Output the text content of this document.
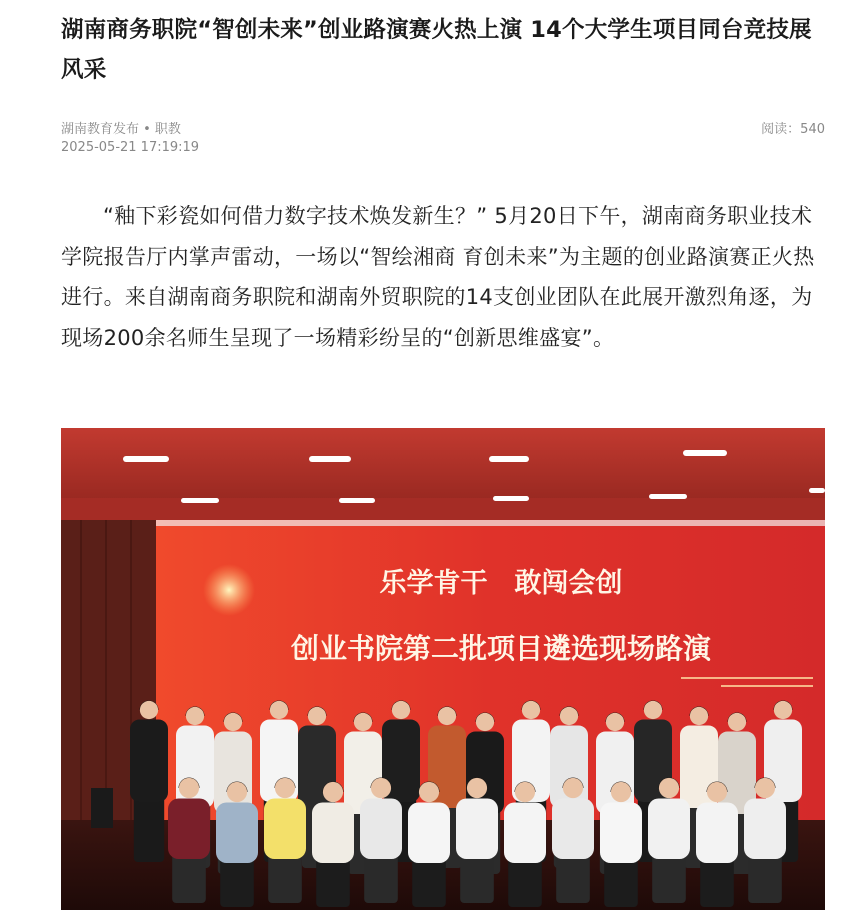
湖南商务职院“智创未来”创业路演赛火热上演 14个大学生项目同台竞技展风采
湖南教育发布 • 职教
2025-05-21 17:19:19
阅读：540

“釉下彩瓷如何借力数字技术焕发新生？” 5月20日下午，湖南商务职业技术学院报告厅内掌声雷动，一场以“智绘湘商 育创未来”为主题的创业路演赛正火热进行。来自湖南商务职院和湖南外贸职院的14支创业团队在此展开激烈角逐，为现场200余名师生呈现了一场精彩纷呈的“创新思维盛宴”。

乐学肯干　敢闯会创
创业书院第二批项目遴选现场路演
